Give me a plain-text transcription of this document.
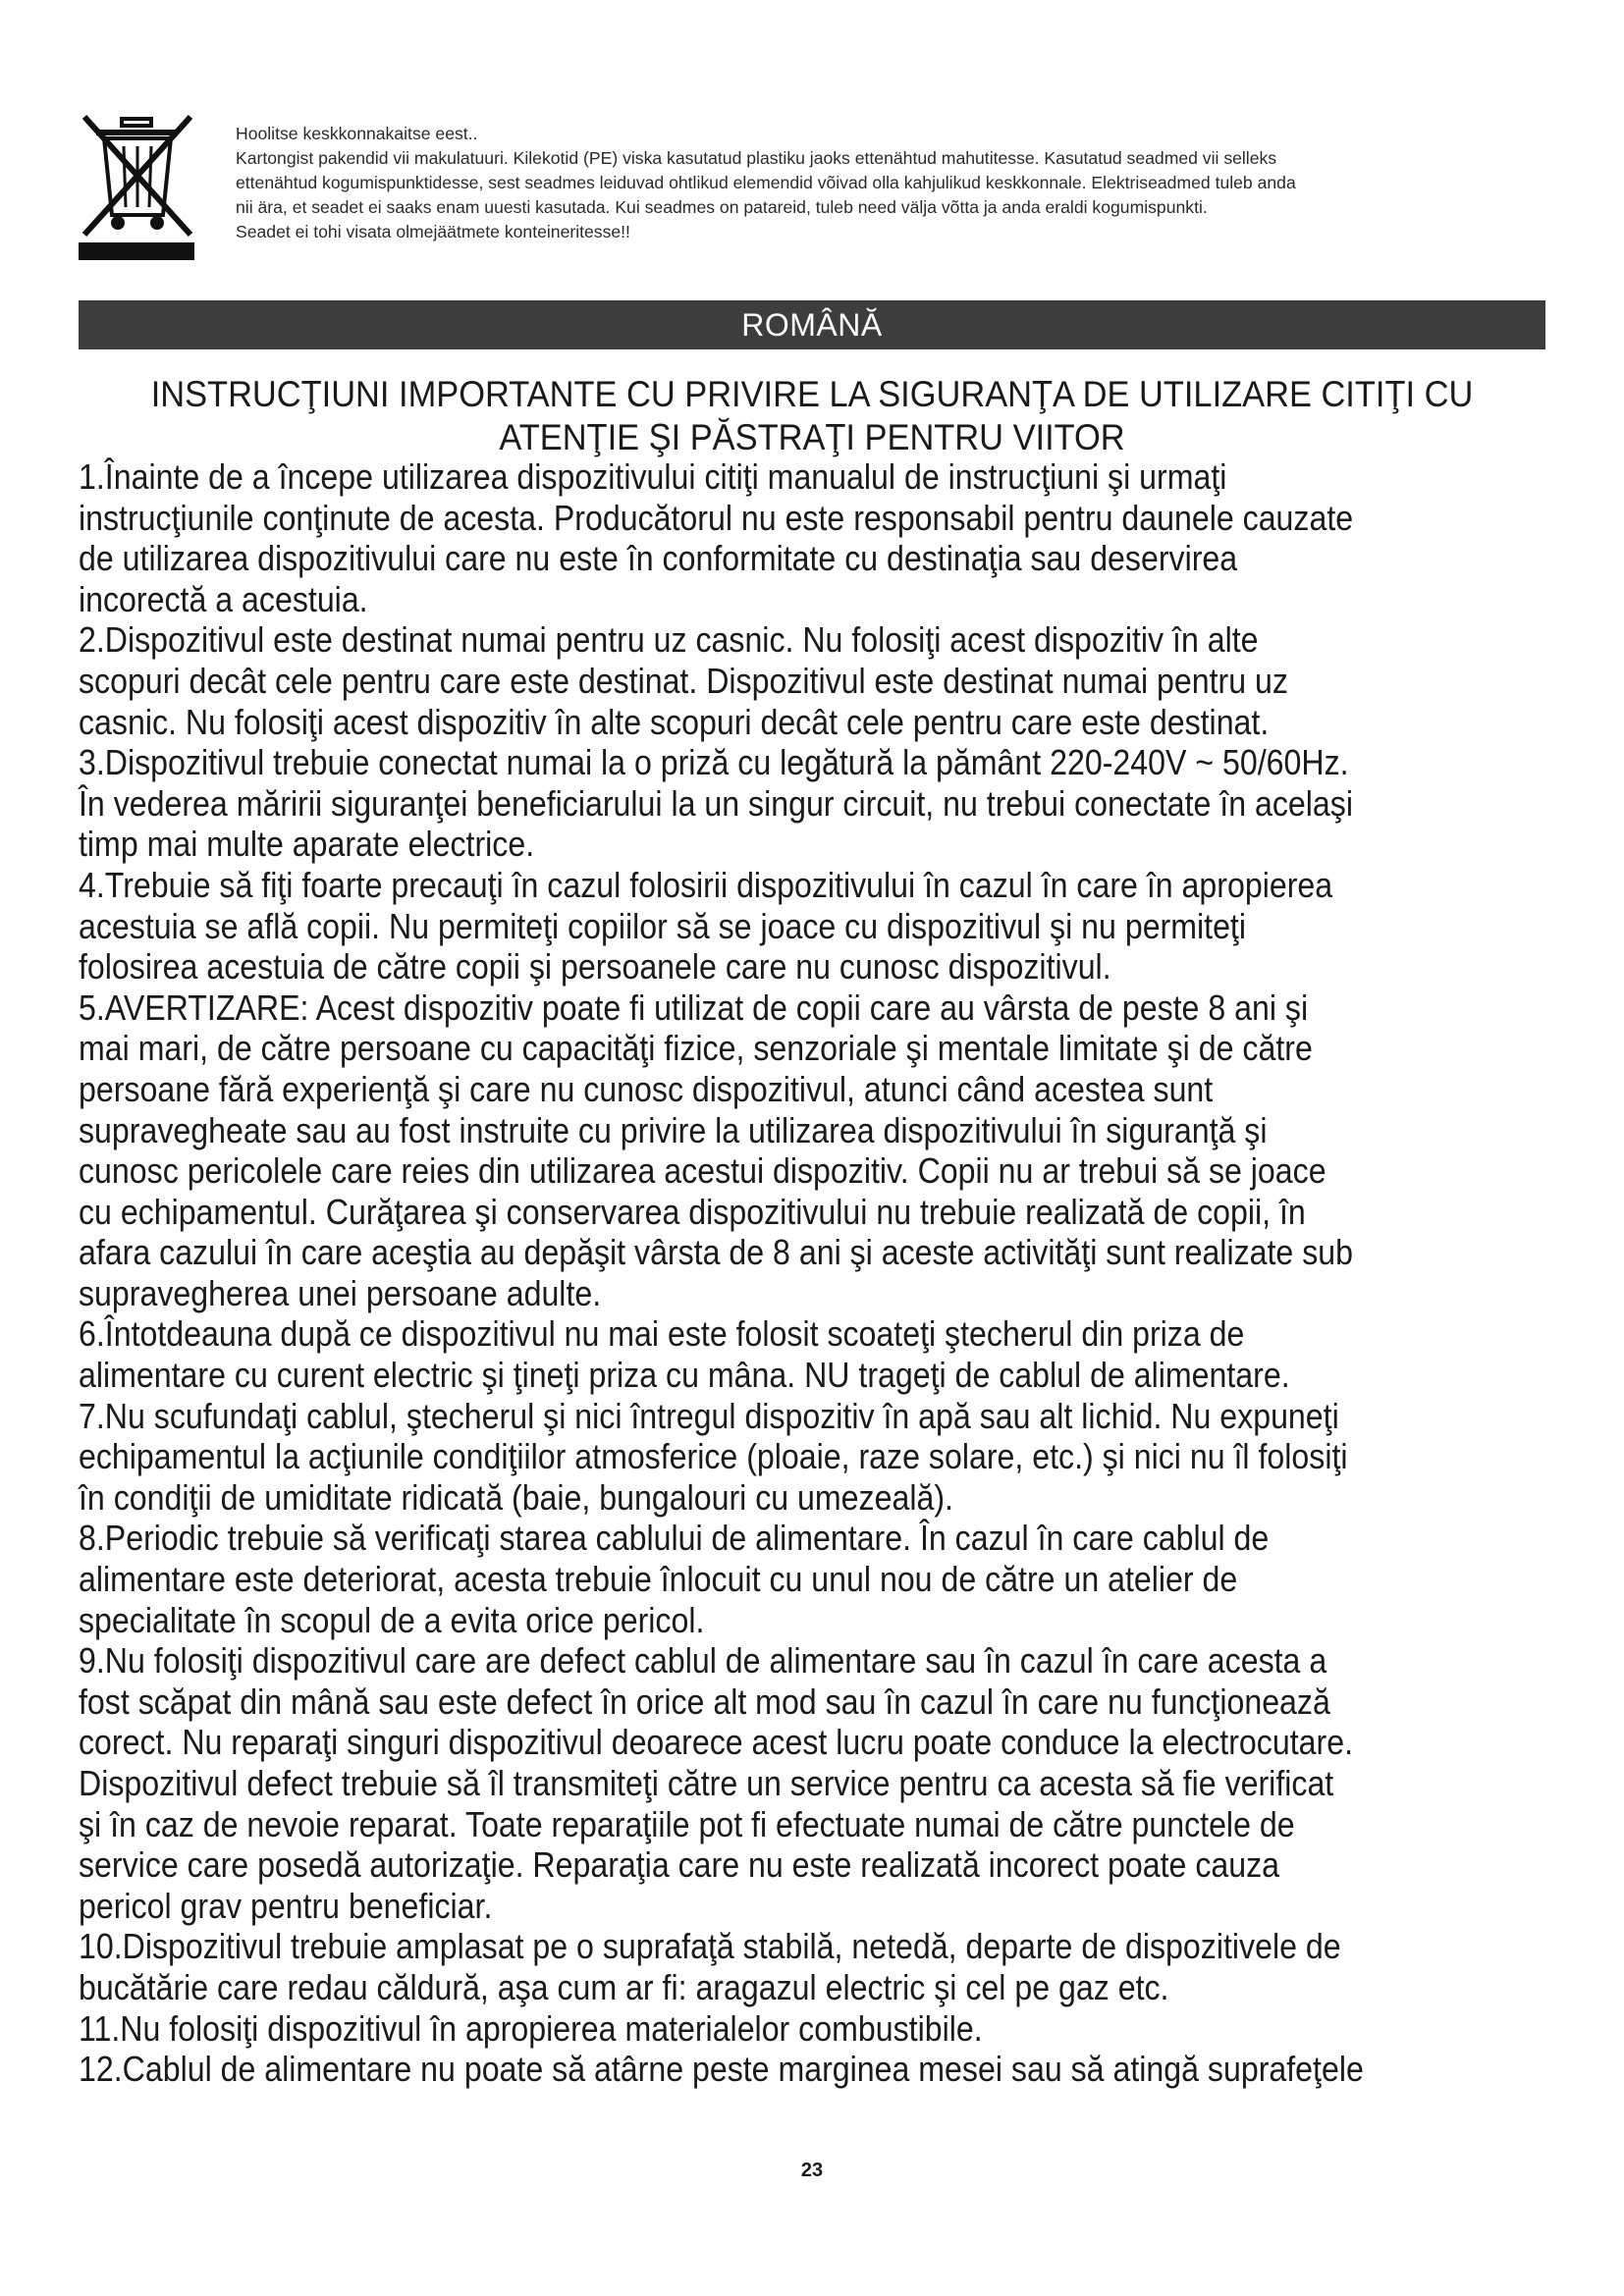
Hoolitse keskkonnakaitse eest..

Kartongist pakendid vii makulatuuri. Kilekotid (PE) viska kasutatud plastiku jaoks ettenähtud mahutitesse. Kasutatud seadmed vii selleks

ettenähtud kogumispunktidesse, sest seadmes leiduvad ohtlikud elemendid võivad olla kahjulikud keskkonnale. Elektriseadmed tuleb anda

nii ära, et seadet ei saaks enam uuesti kasutada. Kui seadmes on patareid, tuleb need välja võtta ja anda eraldi kogumispunkti.

Seadet ei tohi visata olmejäätmete konteineritesse!!

ROMÂNĂ
INSTRUCŢIUNI IMPORTANTE CU PRIVIRE LA SIGURANŢA DE UTILIZARE CITIŢI CU
ATENŢIE ŞI PĂSTRAŢI PENTRU VIITOR
1.Înainte de a începe utilizarea dispozitivului citiţi manualul de instrucţiuni şi urmaţi
instrucţiunile conţinute de acesta. Producătorul nu este responsabil pentru daunele cauzate
de utilizarea dispozitivului care nu este în conformitate cu destinaţia sau deservirea
incorectă a acestuia.
2.Dispozitivul este destinat numai pentru uz casnic. Nu folosiţi acest dispozitiv în alte
scopuri decât cele pentru care este destinat. Dispozitivul este destinat numai pentru uz
casnic. Nu folosiţi acest dispozitiv în alte scopuri decât cele pentru care este destinat.
3.Dispozitivul trebuie conectat numai la o priză cu legătură la pământ 220-240V ~ 50/60Hz.
În vederea măririi siguranţei beneficiarului la un singur circuit, nu trebui conectate în acelaşi
timp mai multe aparate electrice.
4.Trebuie să fiţi foarte precauţi în cazul folosirii dispozitivului în cazul în care în apropierea
acestuia se află copii. Nu permiteţi copiilor să se joace cu dispozitivul şi nu permiteţi
folosirea acestuia de către copii şi persoanele care nu cunosc dispozitivul.
5.AVERTIZARE: Acest dispozitiv poate fi utilizat de copii care au vârsta de peste 8 ani şi
mai mari, de către persoane cu capacităţi fizice, senzoriale şi mentale limitate şi de către
persoane fără experienţă şi care nu cunosc dispozitivul, atunci când acestea sunt
supravegheate sau au fost instruite cu privire la utilizarea dispozitivului în siguranţă şi
cunosc pericolele care reies din utilizarea acestui dispozitiv. Copii nu ar trebui să se joace
cu echipamentul. Curăţarea şi conservarea dispozitivului nu trebuie realizată de copii, în
afara cazului în care aceştia au depăşit vârsta de 8 ani şi aceste activităţi sunt realizate sub
supravegherea unei persoane adulte.
6.Întotdeauna după ce dispozitivul nu mai este folosit scoateţi ştecherul din priza de
alimentare cu curent electric şi ţineţi priza cu mâna. NU trageţi de cablul de alimentare.
7.Nu scufundaţi cablul, ştecherul şi nici întregul dispozitiv în apă sau alt lichid. Nu expuneţi
echipamentul la acţiunile condiţiilor atmosferice (ploaie, raze solare, etc.) şi nici nu îl folosiţi
în condiţii de umiditate ridicată (baie, bungalouri cu umezeală).
8.Periodic trebuie să verificaţi starea cablului de alimentare. În cazul în care cablul de
alimentare este deteriorat, acesta trebuie înlocuit cu unul nou de către un atelier de
specialitate în scopul de a evita orice pericol.
9.Nu folosiţi dispozitivul care are defect cablul de alimentare sau în cazul în care acesta a
fost scăpat din mână sau este defect în orice alt mod sau în cazul în care nu funcţionează
corect. Nu reparaţi singuri dispozitivul deoarece acest lucru poate conduce la electrocutare.
Dispozitivul defect trebuie să îl transmiteţi către un service pentru ca acesta să fie verificat
şi în caz de nevoie reparat. Toate reparaţiile pot fi efectuate numai de către punctele de
service care posedă autorizaţie. Reparaţia care nu este realizată incorect poate cauza
pericol grav pentru beneficiar.
10.Dispozitivul trebuie amplasat pe o suprafaţă stabilă, netedă, departe de dispozitivele de
bucătărie care redau căldură, aşa cum ar fi: aragazul electric şi cel pe gaz etc.
11.Nu folosiţi dispozitivul în apropierea materialelor combustibile.
12.Cablul de alimentare nu poate să atârne peste marginea mesei sau să atingă suprafeţele
23
